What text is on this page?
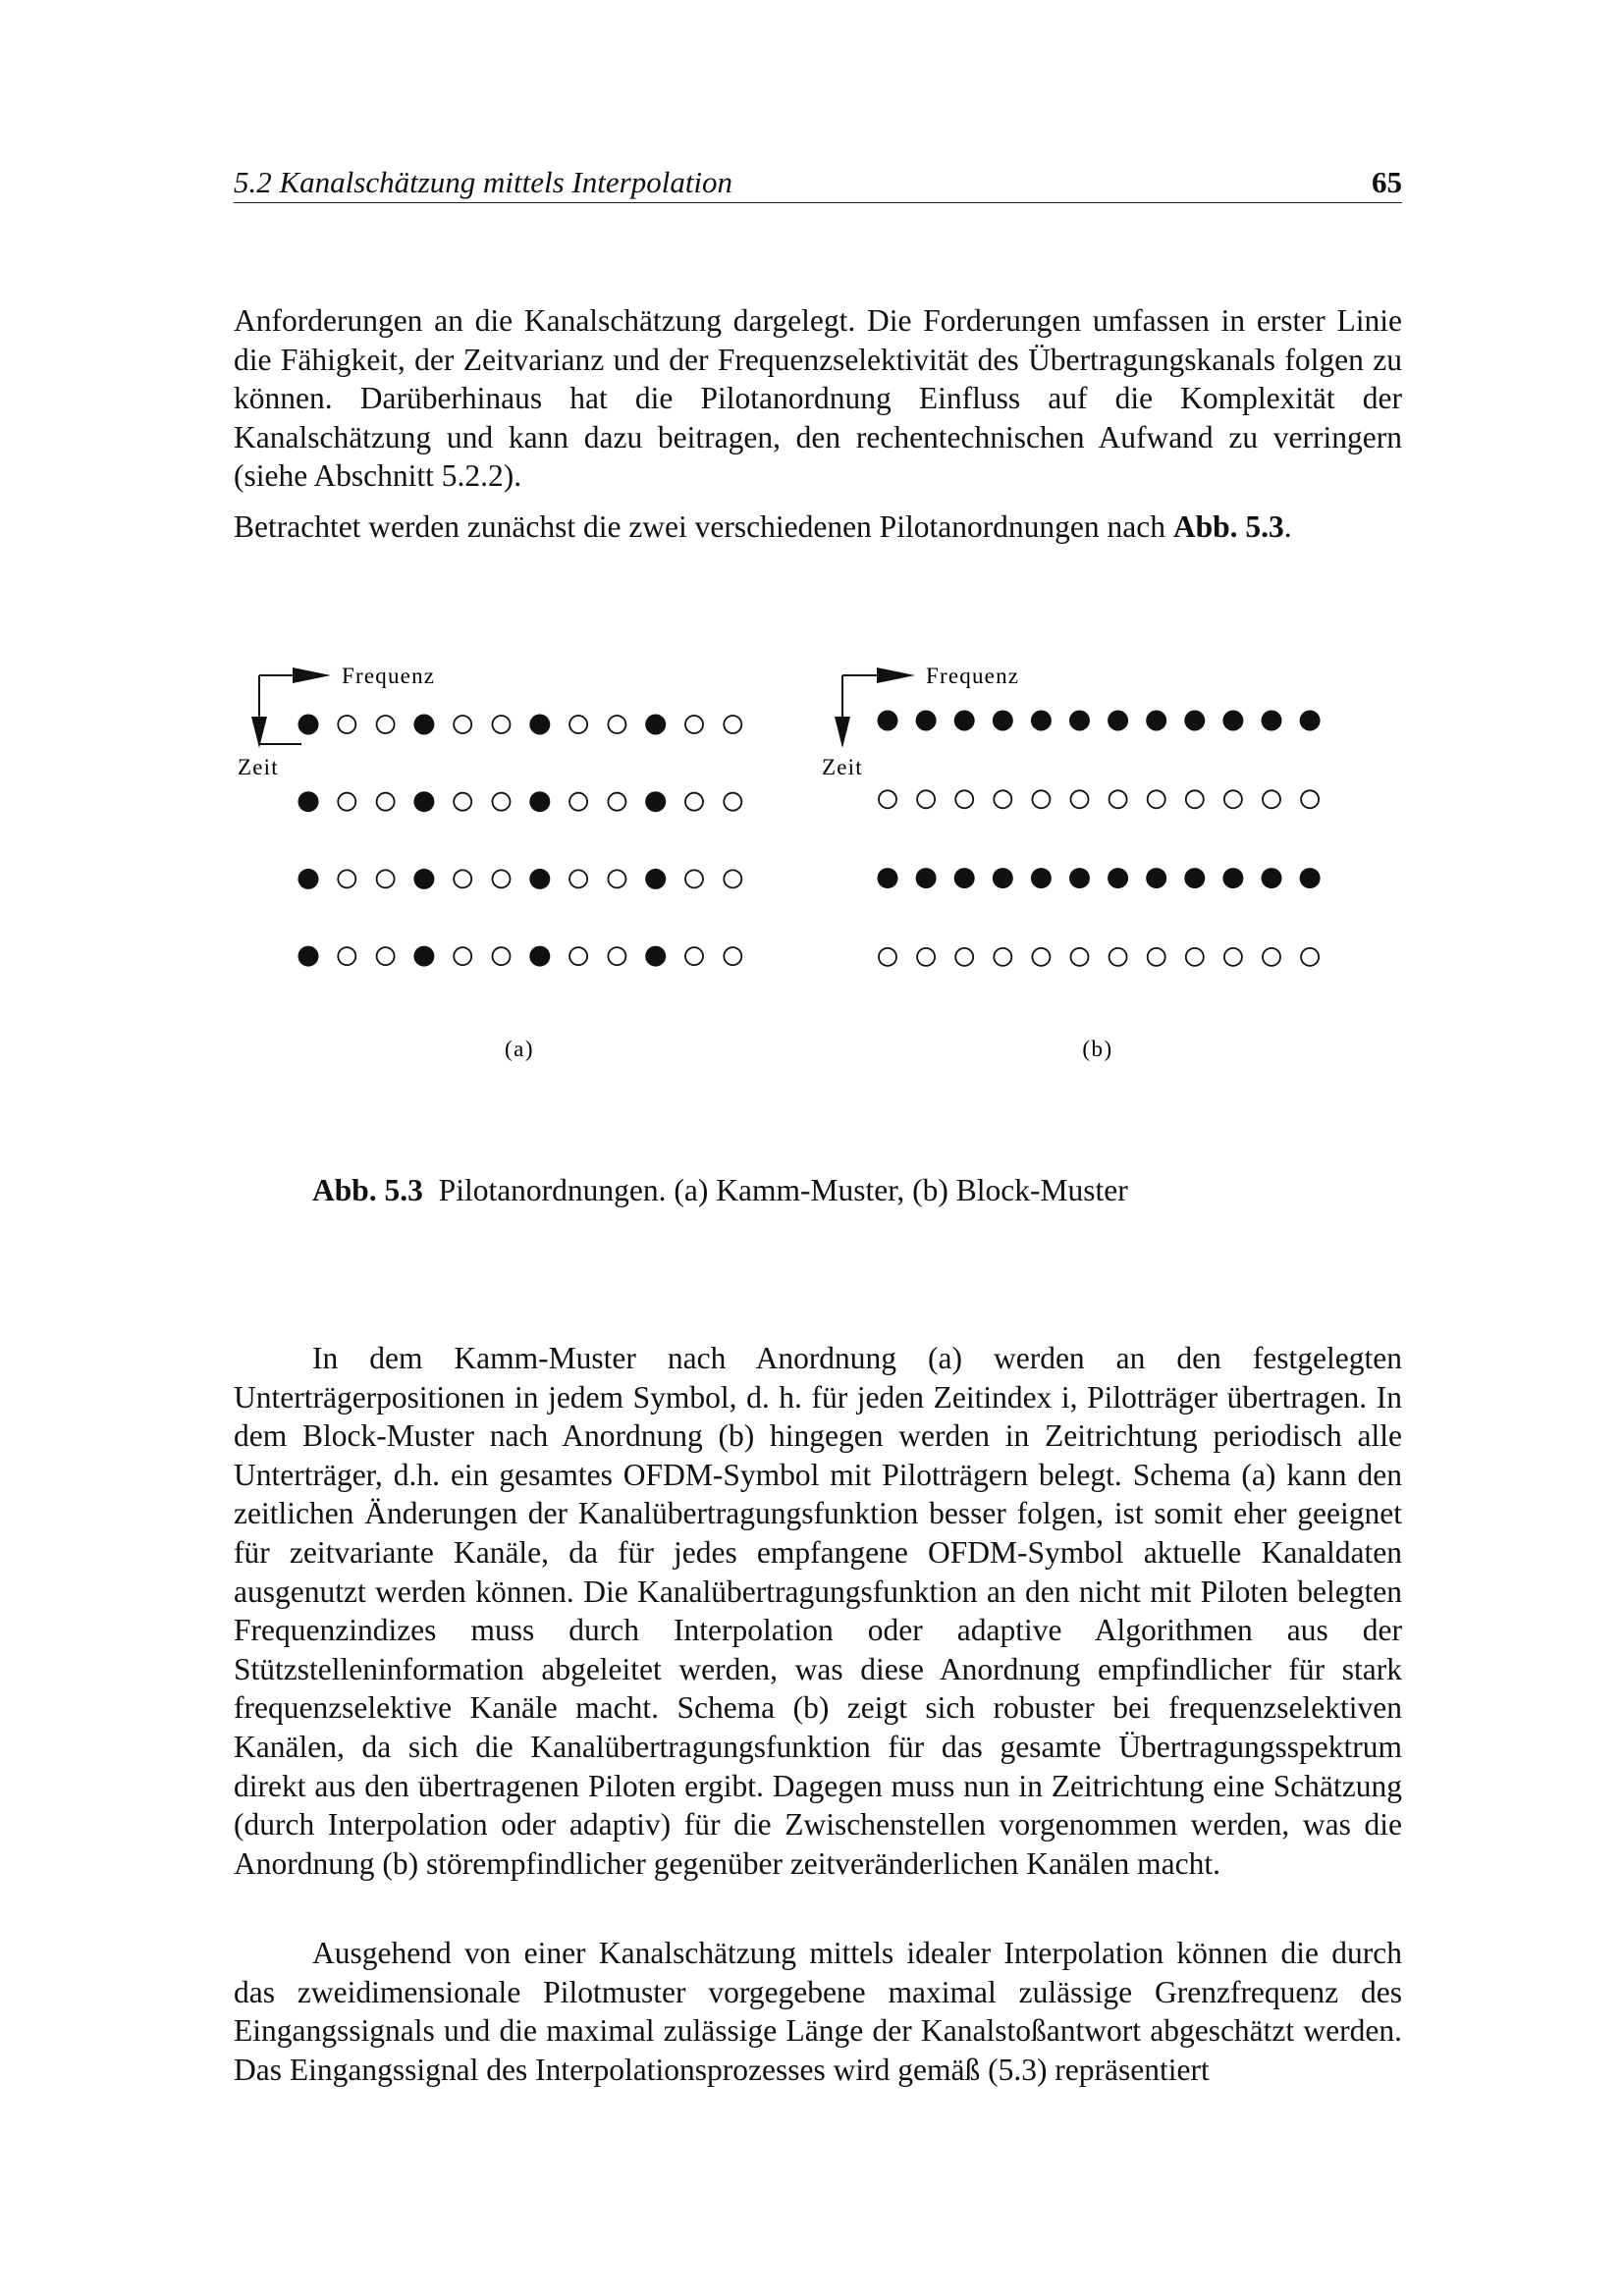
5.2 Kanalschätzung mittels Interpolation	65

Anforderungen an die Kanalschätzung dargelegt. Die Forderungen umfassen in erster Linie die Fähigkeit, der Zeitvarianz und der Frequenzselektivität des Übertragungskanals folgen zu können. Darüberhinaus hat die Pilotanordnung Einfluss auf die Komplexität der Kanalschätzung und kann dazu beitragen, den rechentechnischen Aufwand zu verringern (siehe Abschnitt 5.2.2).

Betrachtet werden zunächst die zwei verschiedenen Pilotanordnungen nach Abb. 5.3.

Frequenz
Zeit
(a)
Frequenz
Zeit
(b)
Abb. 5.3 Pilotanordnungen. (a) Kamm-Muster, (b) Block-Muster

In dem Kamm-Muster nach Anordnung (a) werden an den festgelegten Unterträgerpositionen in jedem Symbol, d. h. für jeden Zeitindex i, Pilotträger übertragen. In dem Block-Muster nach Anordnung (b) hingegen werden in Zeitrichtung periodisch alle Unterträger, d.h. ein gesamtes OFDM-Symbol mit Pilotträgern belegt. Schema (a) kann den zeitlichen Änderungen der Kanalübertragungsfunktion besser folgen, ist somit eher geeignet für zeitvariante Kanäle, da für jedes empfangene OFDM-Symbol aktuelle Kanaldaten ausgenutzt werden können. Die Kanalübertragungsfunktion an den nicht mit Piloten belegten Frequenzindizes muss durch Interpolation oder adaptive Algorithmen aus der Stützstelleninformation abgeleitet werden, was diese Anordnung empfindlicher für stark frequenzselektive Kanäle macht. Schema (b) zeigt sich robuster bei frequenzselektiven Kanälen, da sich die Kanalübertragungsfunktion für das gesamte Übertragungsspektrum direkt aus den übertragenen Piloten ergibt. Dagegen muss nun in Zeitrichtung eine Schätzung (durch Interpolation oder adaptiv) für die Zwischenstellen vorgenommen werden, was die Anordnung (b) störempfindlicher gegenüber zeitveränderlichen Kanälen macht.

Ausgehend von einer Kanalschätzung mittels idealer Interpolation können die durch das zweidimensionale Pilotmuster vorgegebene maximal zulässige Grenzfrequenz des Eingangssignals und die maximal zulässige Länge der Kanalstoßantwort abgeschätzt werden. Das Eingangssignal des Interpolationsprozesses wird gemäß (5.3) repräsentiert
